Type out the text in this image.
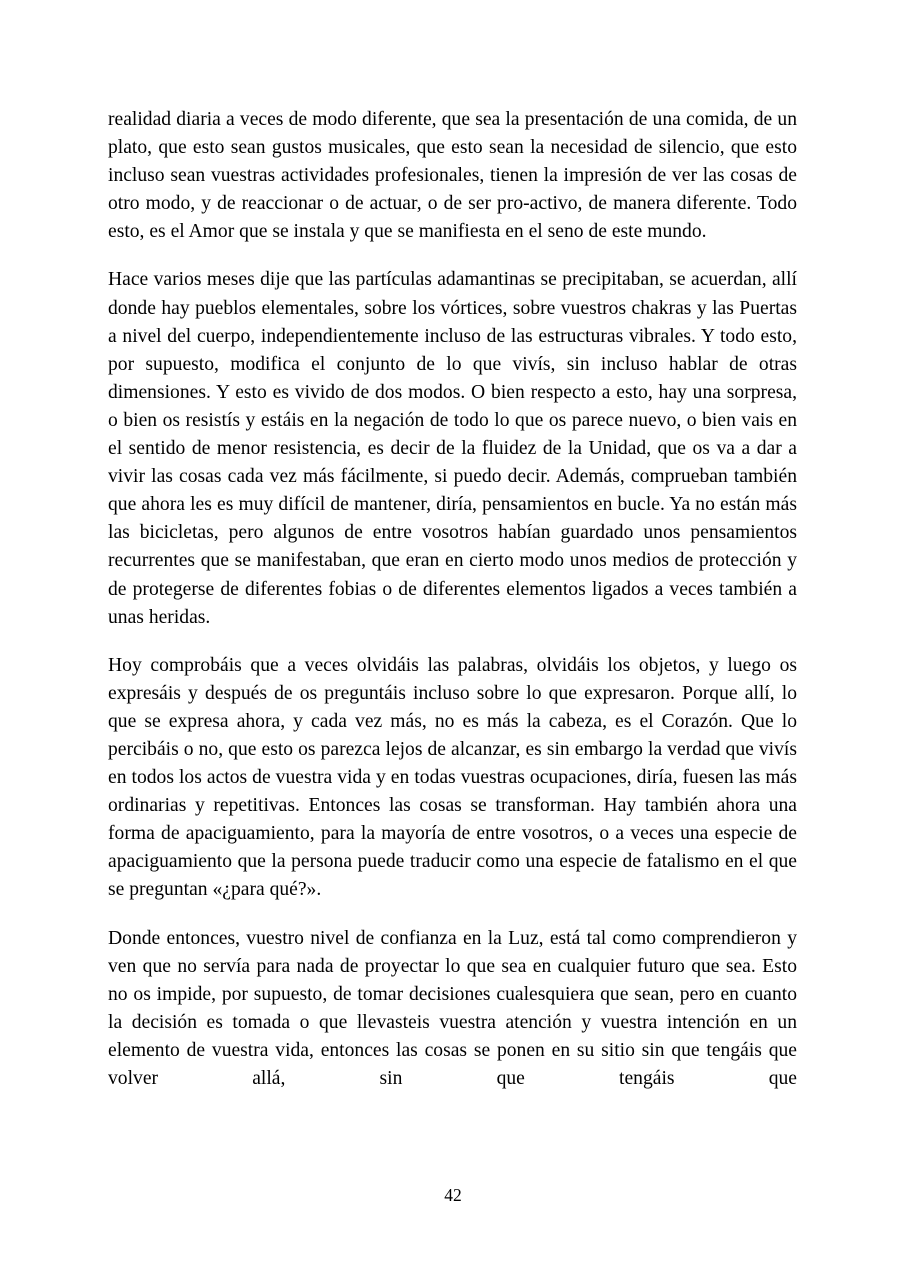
realidad diaria a veces de modo diferente, que sea la presentación de una comida, de un plato, que esto sean gustos musicales, que esto sean la necesidad de silencio, que esto incluso sean vuestras actividades profesionales, tienen la impresión de ver las cosas de otro modo, y de reaccionar o de actuar, o de ser pro-activo, de manera diferente. Todo esto, es el Amor que se instala y que se manifiesta en el seno de este mundo.

Hace varios meses dije que las partículas adamantinas se precipitaban, se acuerdan, allí donde hay pueblos elementales, sobre los vórtices, sobre vuestros chakras y las Puertas a nivel del cuerpo, independientemente incluso de las estructuras vibrales. Y todo esto, por supuesto, modifica el conjunto de lo que vivís, sin incluso hablar de otras dimensiones. Y esto es vivido de dos modos. O bien respecto a esto, hay una sorpresa, o bien os resistís y estáis en la negación de todo lo que os parece nuevo, o bien vais en el sentido de menor resistencia, es decir de la fluidez de la Unidad, que os va a dar a vivir las cosas cada vez más fácilmente, si puedo decir. Además, comprueban también que ahora les es muy difícil de mantener, diría, pensamientos en bucle. Ya no están más las bicicletas, pero algunos de entre vosotros habían guardado unos pensamientos recurrentes que se manifestaban, que eran en cierto modo unos medios de protección y de protegerse de diferentes fobias o de diferentes elementos ligados a veces también a unas heridas.

Hoy comprobáis que a veces olvidáis las palabras, olvidáis los objetos, y luego os expresáis y después de os preguntáis incluso sobre lo que expresaron. Porque allí, lo que se expresa ahora, y cada vez más, no es más la cabeza, es el Corazón. Que lo percibáis o no, que esto os parezca lejos de alcanzar, es sin embargo la verdad que vivís en todos los actos de vuestra vida y en todas vuestras ocupaciones, diría, fuesen las más ordinarias y repetitivas. Entonces las cosas se transforman. Hay también ahora una forma de apaciguamiento, para la mayoría de entre vosotros, o a veces una especie de apaciguamiento que la persona puede traducir como una especie de fatalismo en el que se preguntan «¿para qué?».

Donde entonces, vuestro nivel de confianza en la Luz, está tal como comprendieron y ven que no servía para nada de proyectar lo que sea en cualquier futuro que sea. Esto no os impide, por supuesto, de tomar decisiones cualesquiera que sean, pero en cuanto la decisión es tomada o que llevasteis vuestra atención y vuestra intención en un elemento de vuestra vida, entonces las cosas se ponen en su sitio sin que tengáis que volver allá, sin que tengáis que

42
